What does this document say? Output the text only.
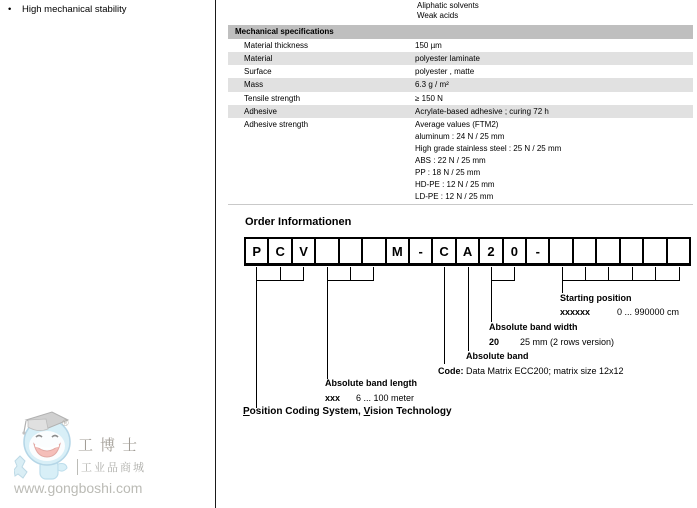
• High mechanical stability	Aliphatic solvents
Weak acids
Mechanical specifications
Material thickness	150 µm
Material	polyester laminate
Surface	polyester , matte
Mass	6.3 g / m²
Tensile strength	≥ 150 N
Adhesive	Acrylate-based adhesive ; curing 72 h
Adhesive strength	Average values (FTM2)
aluminum : 24 N / 25 mm
High grade stainless steel : 25 N / 25 mm
ABS : 22 N / 25 mm
PP : 18 N / 25 mm
HD-PE : 12 N / 25 mm
LD-PE : 12 N / 25 mm
Order Informationen
P	C	V	M	-	C	A	2	0	-
Starting position
xxxxxx	0 ... 990000 cm
Absolute band width
20 25 mm (2 rows version)
Absolute band
Code: Data Matrix ECC200; matrix size 12x12
Absolute band length
xxx 6 ... 100 meter
Position Coding System, Vision Technology
®
工博士
工业品商城
www.gongboshi.com
